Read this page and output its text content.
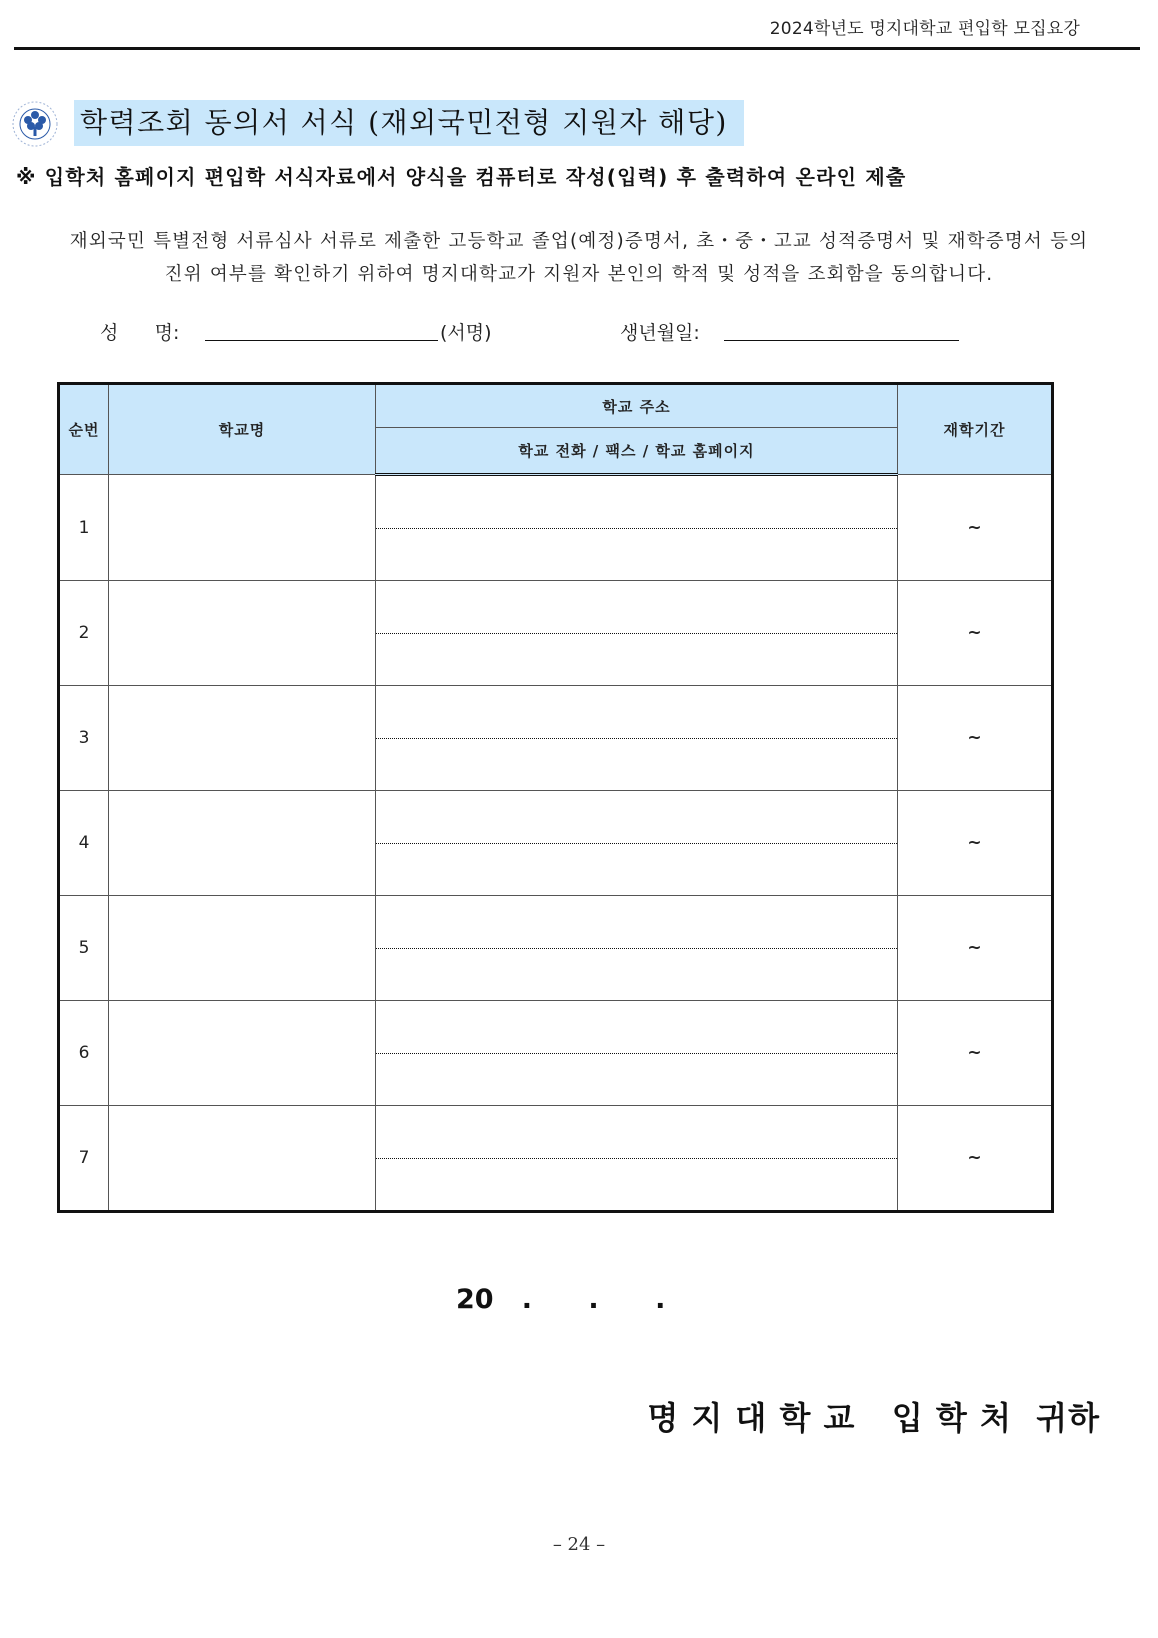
2024학년도 명지대학교 편입학 모집요강
학력조회 동의서 서식 (재외국민전형 지원자 해당)
※ 입학처 홈페이지 편입학 서식자료에서 양식을 컴퓨터로 작성(입력) 후 출력하여 온라인 제출
재외국민 특별전형 서류심사 서류로 제출한 고등학교 졸업(예정)증명서, 초・중・고교 성적증명서 및 재학증명서 등의
진위 여부를 확인하기 위하여 명지대학교가 지원자 본인의 학적 및 성적을 조회함을 동의합니다.
성      명:	(서명)	생년월일:
순번	학교명	학교 주소	재학기간
		학교 전화 / 팩스 / 학교 홈페이지	
1			~
2			~
3			~
4			~
5			~
6			~
7			~
20   .      .      .
명 지 대 학 교   입 학 처  귀하
– 24 –
